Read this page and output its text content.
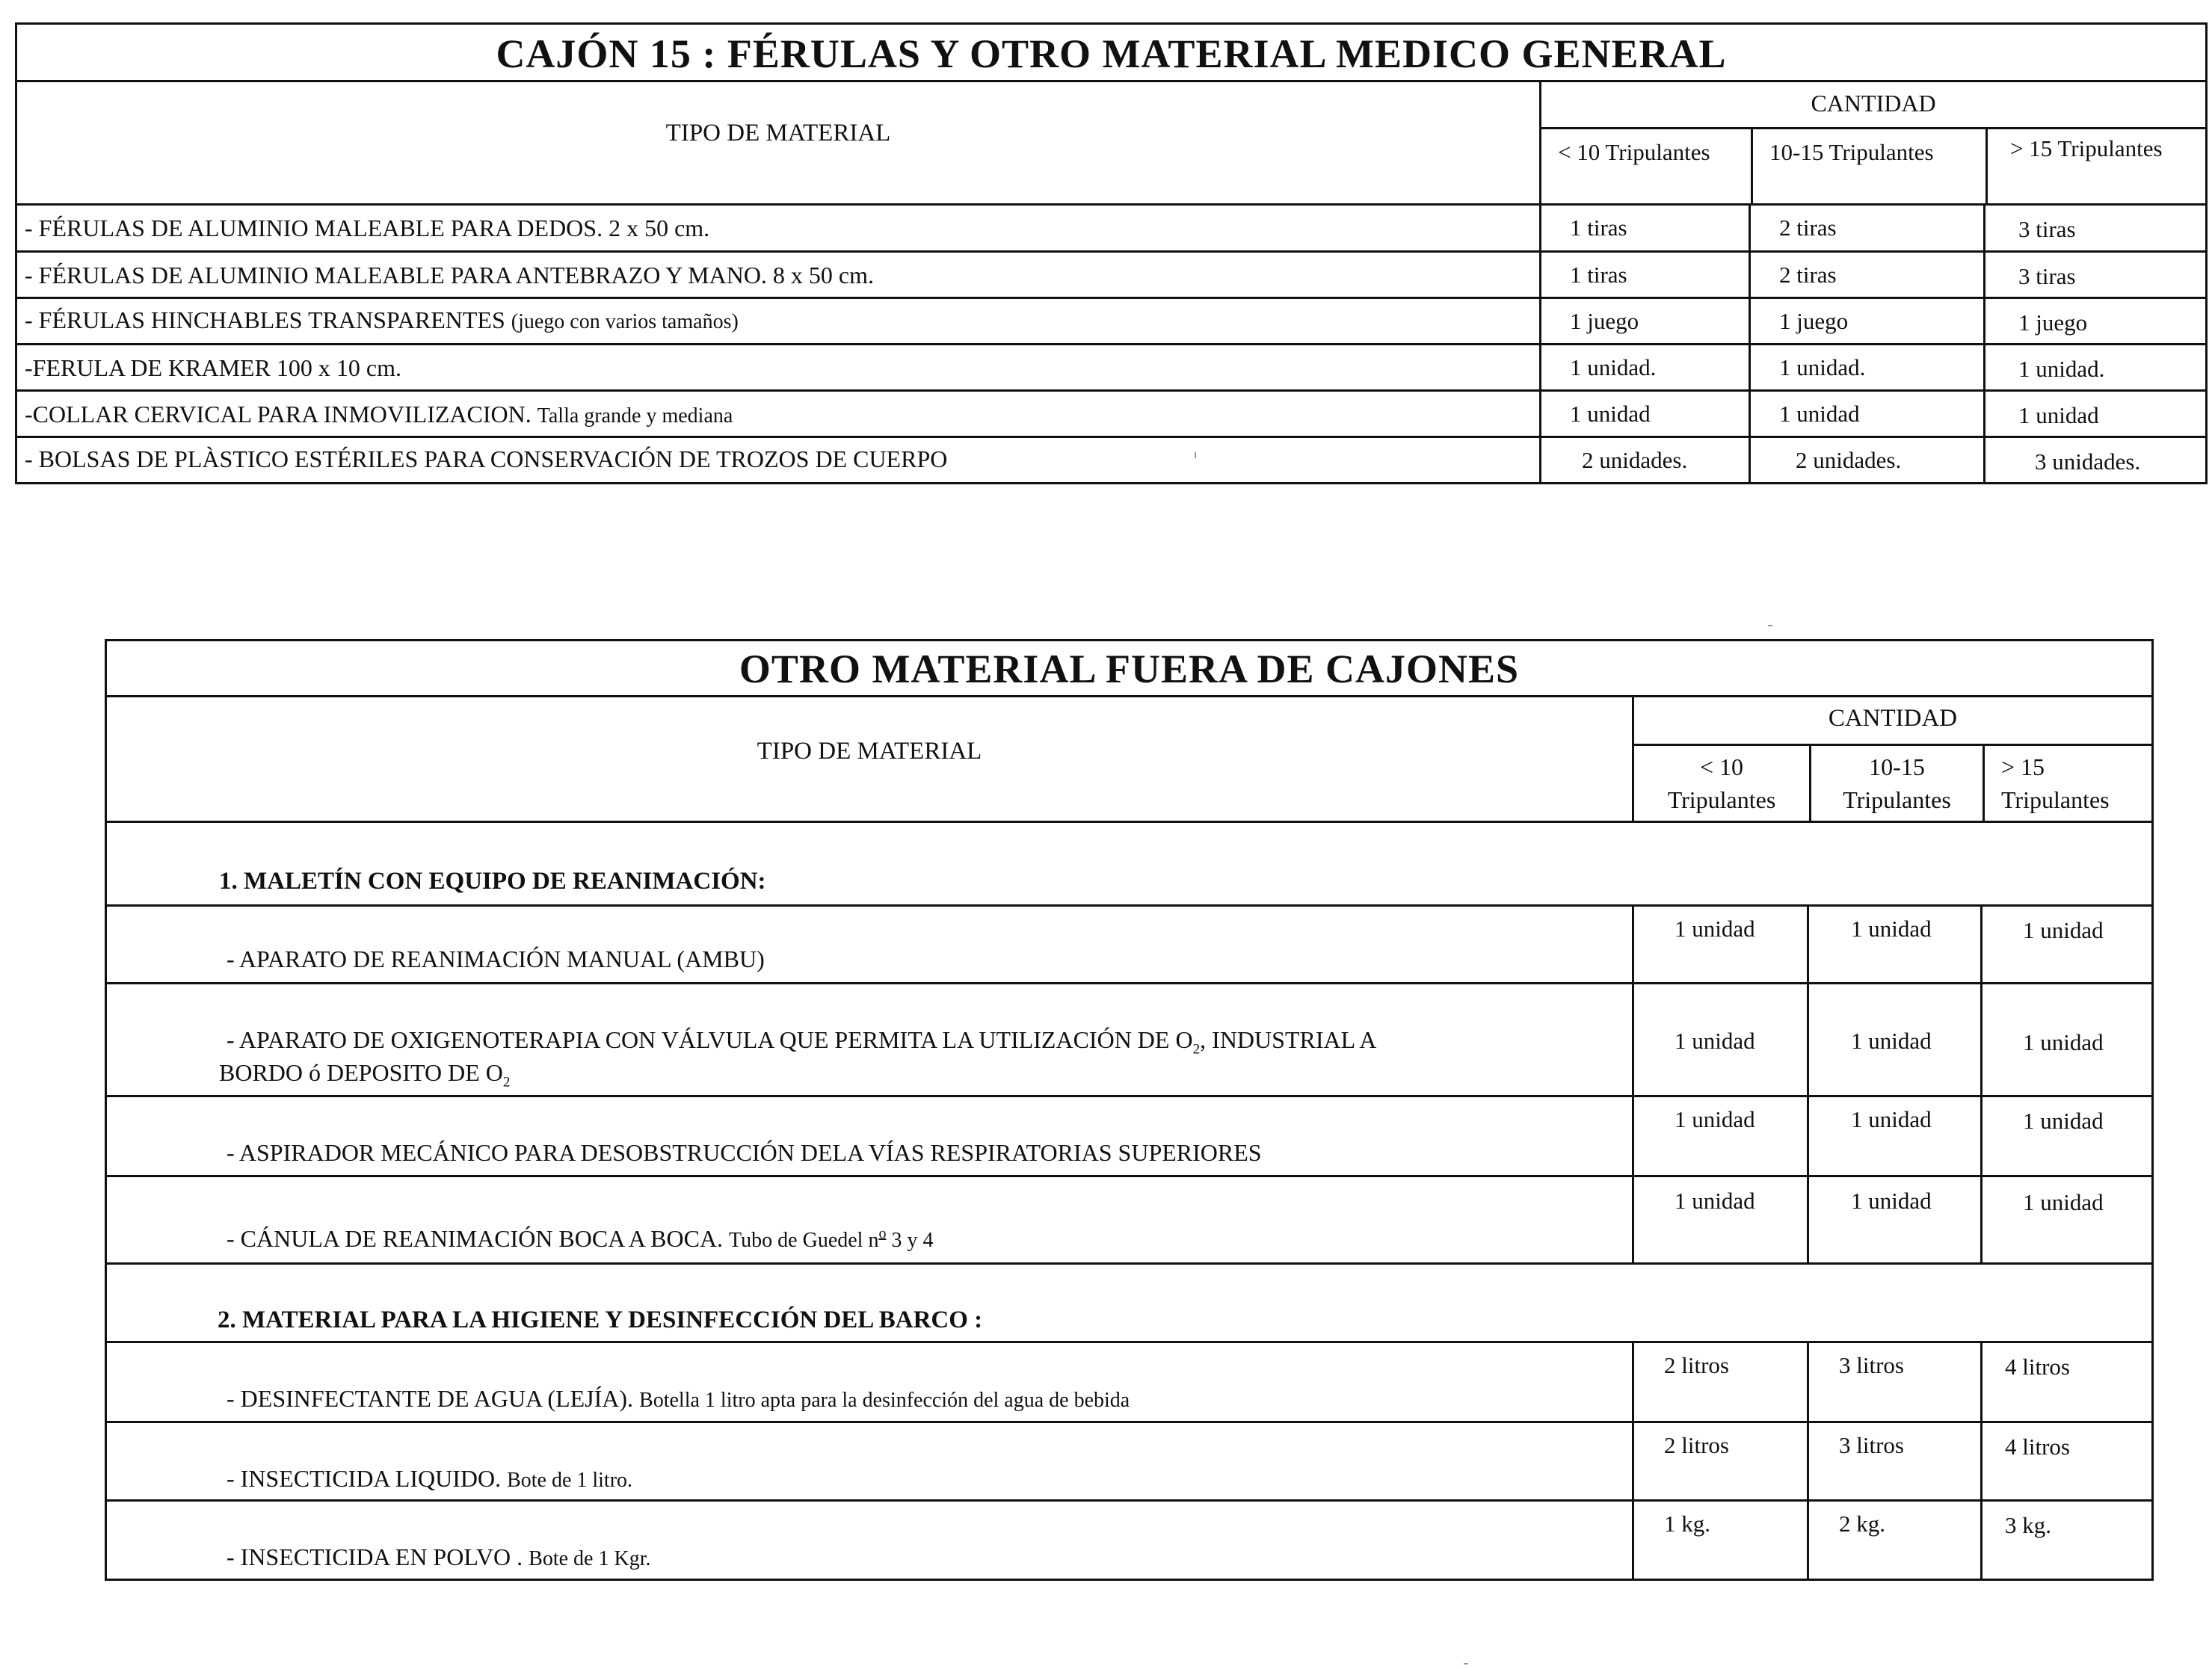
CAJÓN 15 : FÉRULAS Y OTRO MATERIAL MEDICO GENERAL
TIPO DE MATERIAL
CANTIDAD
< 10 Tripulantes	10-15 Tripulantes	> 15 Tripulantes
- FÉRULAS DE ALUMINIO MALEABLE PARA DEDOS. 2 x 50 cm.	1 tiras	2 tiras	3 tiras
- FÉRULAS DE ALUMINIO MALEABLE PARA ANTEBRAZO Y MANO. 8 x 50 cm.	1 tiras	2 tiras	3 tiras
- FÉRULAS HINCHABLES TRANSPARENTES (juego con varios tamaños)	1 juego	1 juego	1 juego
-FERULA DE KRAMER 100 x 10 cm.	1 unidad.	1 unidad.	1 unidad.
-COLLAR CERVICAL PARA INMOVILIZACION. Talla grande y mediana	1 unidad	1 unidad	1 unidad
- BOLSAS DE PLÀSTICO ESTÉRILES PARA CONSERVACIÓN DE TROZOS DE CUERPO	2 unidades.	2 unidades.	3 unidades.
OTRO MATERIAL FUERA DE CAJONES
TIPO DE MATERIAL
CANTIDAD
< 10
Tripulantes
10-15
Tripulantes
> 15
Tripulantes
1. MALETÍN CON EQUIPO DE REANIMACIÓN:
- APARATO DE REANIMACIÓN MANUAL (AMBU)
1 unidad	1 unidad	1 unidad
- APARATO DE OXIGENOTERAPIA CON VÁLVULA QUE PERMITA LA UTILIZACIÓN DE $O_2$, INDUSTRIAL A
BORDO ó DEPOSITO DE $O_2$
1 unidad	1 unidad	1 unidad
- ASPIRADOR MECÁNICO PARA DESOBSTRUCCIÓN DELA VÍAS RESPIRATORIAS SUPERIORES
1 unidad	1 unidad	1 unidad
- CÁNULA DE REANIMACIÓN BOCA A BOCA. Tubo de Guedel $n^o$ 3 y 4
1 unidad	1 unidad	1 unidad
2. MATERIAL PARA LA HIGIENE Y DESINFECCIÓN DEL BARCO :
- DESINFECTANTE DE AGUA (LEJÍA). Botella 1 litro apta para la desinfección del agua de bebida
2 litros	3 litros	4 litros
- INSECTICIDA LIQUIDO. Bote de 1 litro.
2 litros	3 litros	4 litros
- INSECTICIDA EN POLVO . Bote de 1 Kgr.
1 kg.	2 kg.	3 kg.
